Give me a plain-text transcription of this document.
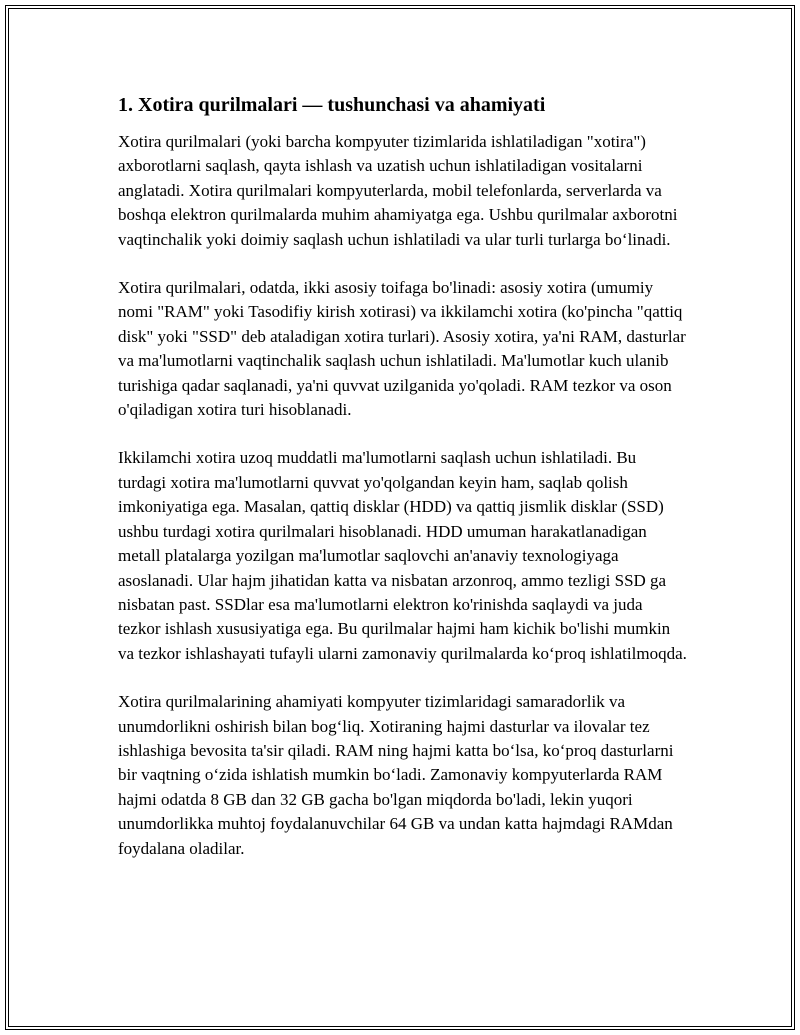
1. Xotira qurilmalari — tushunchasi va ahamiyati

Xotira qurilmalari (yoki barcha kompyuter tizimlarida ishlatiladigan "xotira") axborotlarni saqlash, qayta ishlash va uzatish uchun ishlatiladigan vositalarni anglatadi. Xotira qurilmalari kompyuterlarda, mobil telefonlarda, serverlarda va boshqa elektron qurilmalarda muhim ahamiyatga ega. Ushbu qurilmalar axborotni vaqtinchalik yoki doimiy saqlash uchun ishlatiladi va ular turli turlarga boʻlinadi.

Xotira qurilmalari, odatda, ikki asosiy toifaga bo'linadi: asosiy xotira (umumiy nomi "RAM" yoki Tasodifiy kirish xotirasi) va ikkilamchi xotira (ko'pincha "qattiq disk" yoki "SSD" deb ataladigan xotira turlari). Asosiy xotira, ya'ni RAM, dasturlar va ma'lumotlarni vaqtinchalik saqlash uchun ishlatiladi. Ma'lumotlar kuch ulanib turishiga qadar saqlanadi, ya'ni quvvat uzilganida yo'qoladi. RAM tezkor va oson o'qiladigan xotira turi hisoblanadi.

Ikkilamchi xotira uzoq muddatli ma'lumotlarni saqlash uchun ishlatiladi. Bu turdagi xotira ma'lumotlarni quvvat yo'qolgandan keyin ham, saqlab qolish imkoniyatiga ega. Masalan, qattiq disklar (HDD) va qattiq jismlik disklar (SSD) ushbu turdagi xotira qurilmalari hisoblanadi. HDD umuman harakatlanadigan metall platalarga yozilgan ma'lumotlar saqlovchi an'anaviy texnologiyaga asoslanadi. Ular hajm jihatidan katta va nisbatan arzonroq, ammo tezligi SSD ga nisbatan past. SSDlar esa ma'lumotlarni elektron ko'rinishda saqlaydi va juda tezkor ishlash xususiyatiga ega. Bu qurilmalar hajmi ham kichik bo'lishi mumkin va tezkor ishlashayati tufayli ularni zamonaviy qurilmalarda koʻproq ishlatilmoqda.

Xotira qurilmalarining ahamiyati kompyuter tizimlaridagi samaradorlik va unumdorlikni oshirish bilan bogʻliq. Xotiraning hajmi dasturlar va ilovalar tez ishlashiga bevosita ta'sir qiladi. RAM ning hajmi katta boʻlsa, koʻproq dasturlarni bir vaqtning oʻzida ishlatish mumkin boʻladi. Zamonaviy kompyuterlarda RAM hajmi odatda 8 GB dan 32 GB gacha bo'lgan miqdorda bo'ladi, lekin yuqori unumdorlikka muhtoj foydalanuvchilar 64 GB va undan katta hajmdagi RAMdan foydalana oladilar.
